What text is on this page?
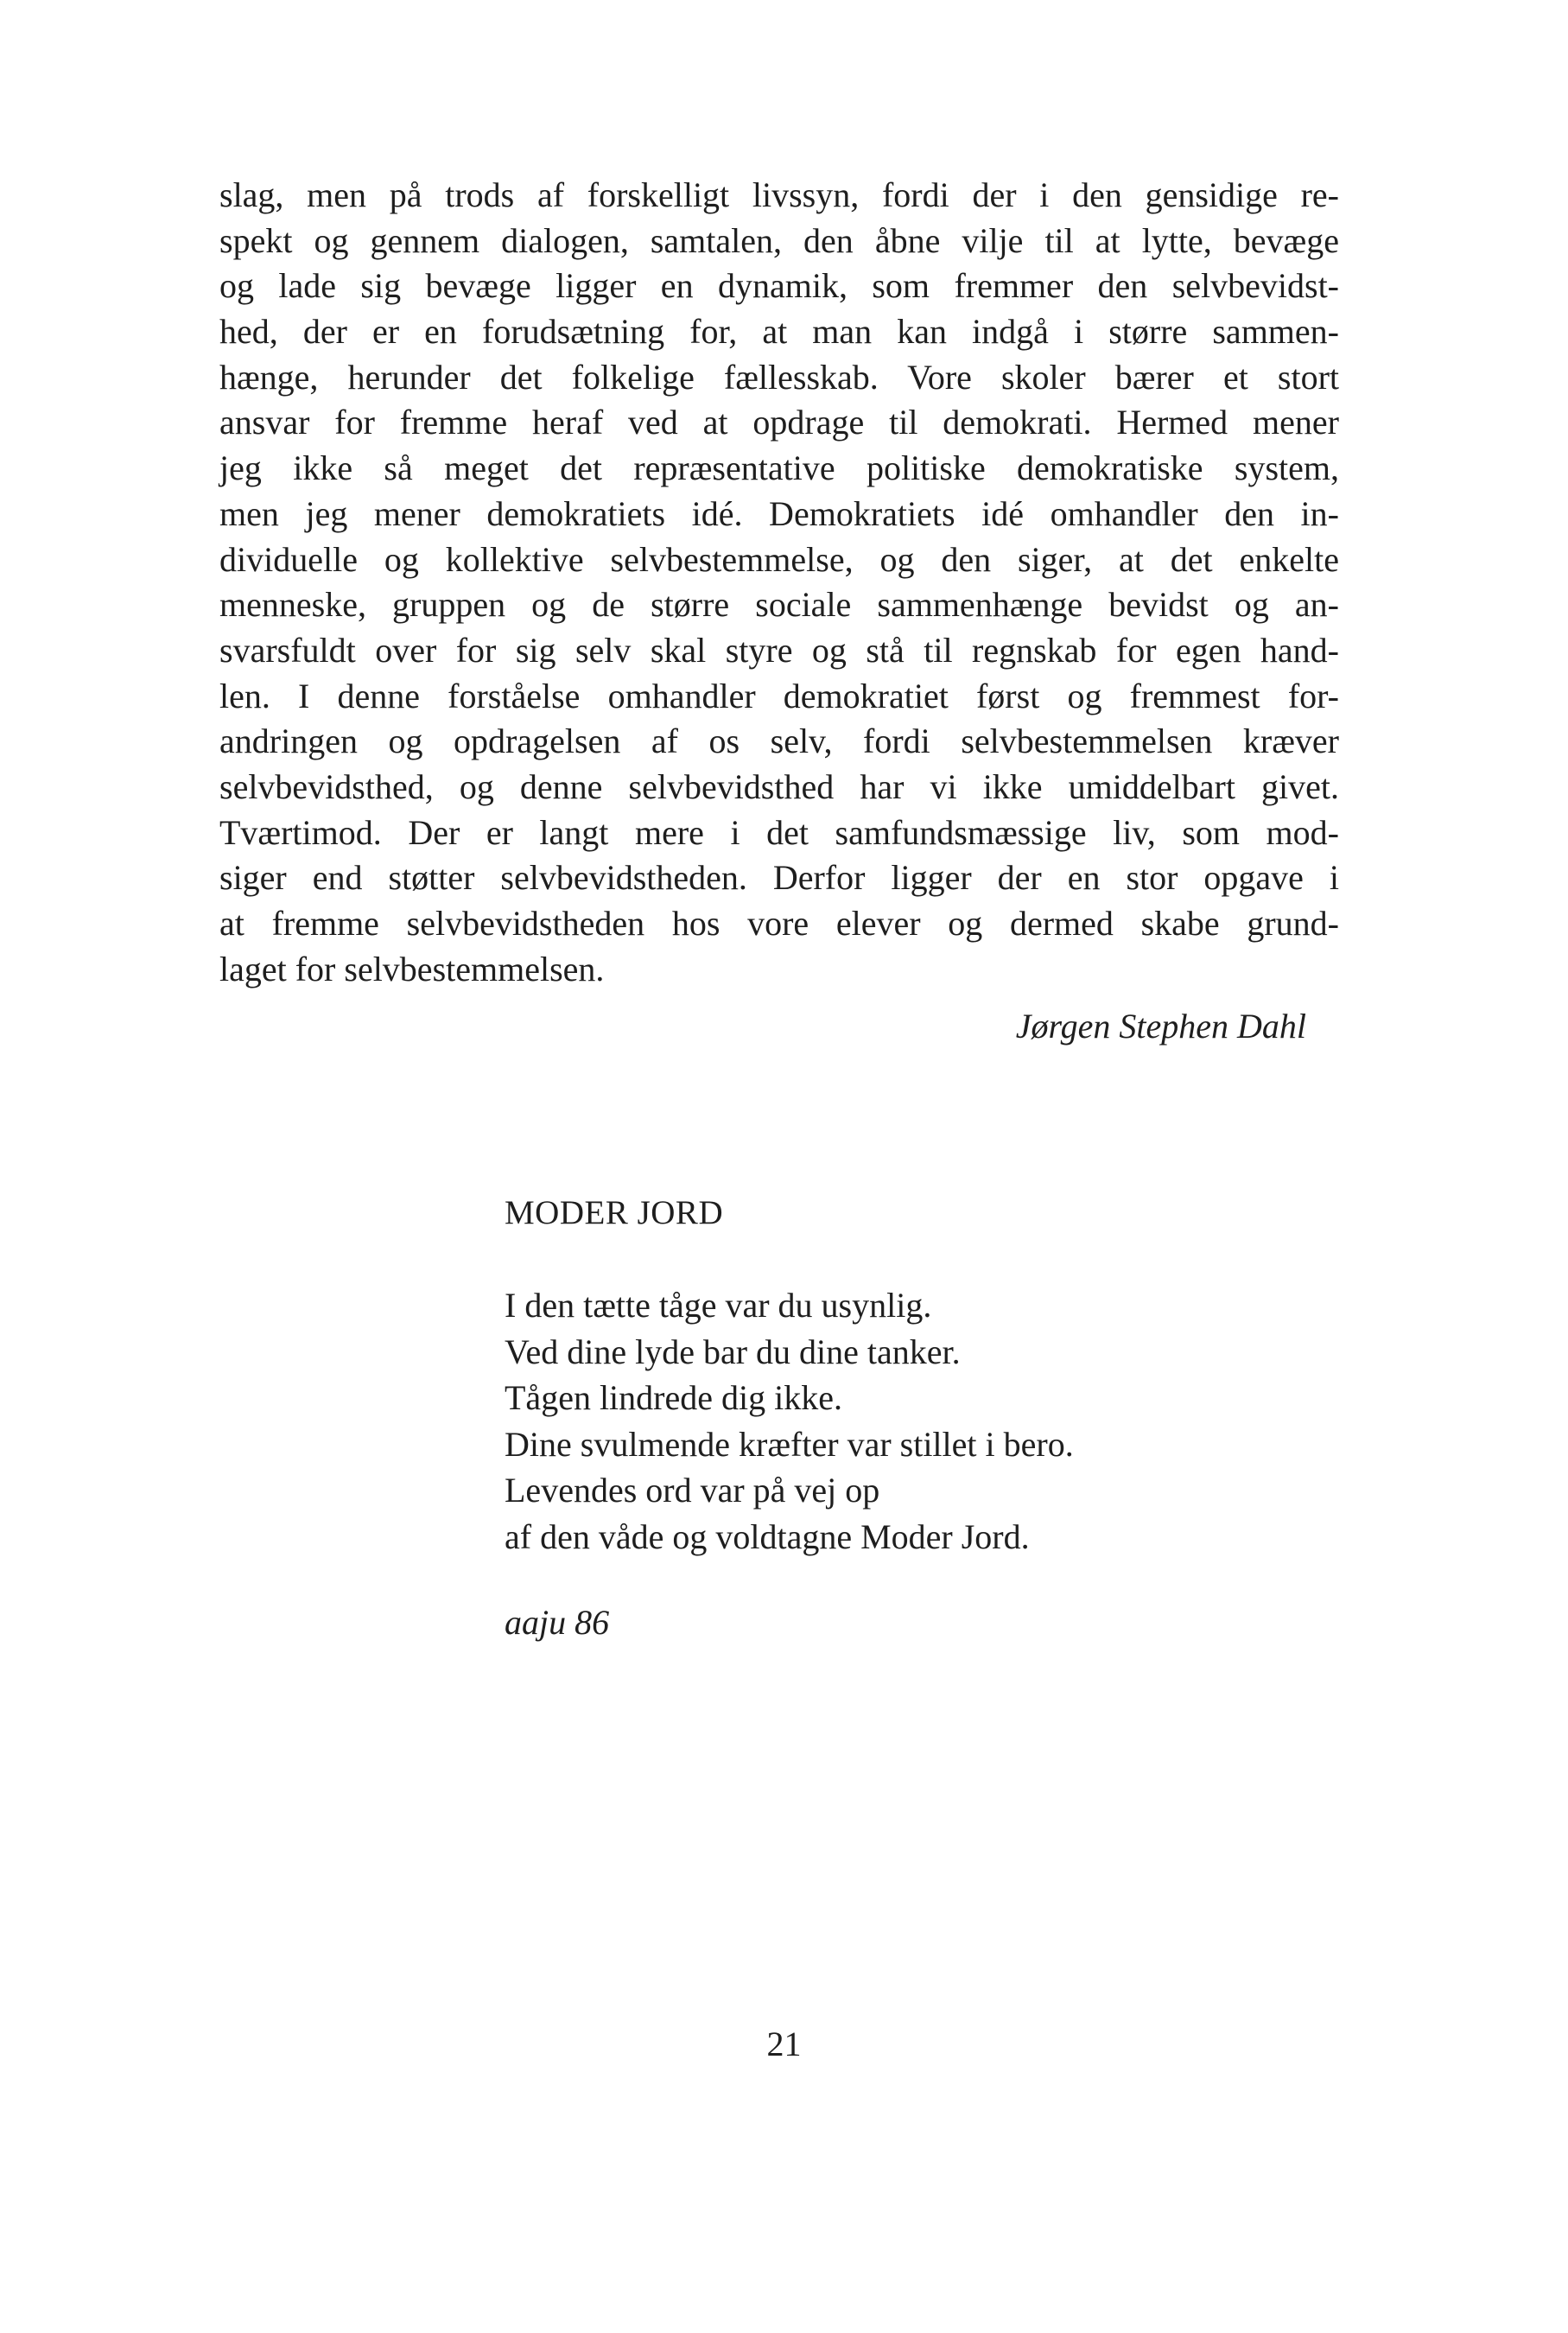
slag, men på trods af forskelligt livssyn, fordi der i den gensidige re-
spekt og gennem dialogen, samtalen, den åbne vilje til at lytte, bevæge
og lade sig bevæge ligger en dynamik, som fremmer den selvbevidst-
hed, der er en forudsætning for, at man kan indgå i større sammen-
hænge, herunder det folkelige fællesskab. Vore skoler bærer et stort
ansvar for fremme heraf ved at opdrage til demokrati. Hermed mener
jeg ikke så meget det repræsentative politiske demokratiske system,
men jeg mener demokratiets idé. Demokratiets idé omhandler den in-
dividuelle og kollektive selvbestemmelse, og den siger, at det enkelte
menneske, gruppen og de større sociale sammenhænge bevidst og an-
svarsfuldt over for sig selv skal styre og stå til regnskab for egen hand-
len. I denne forståelse omhandler demokratiet først og fremmest for-
andringen og opdragelsen af os selv, fordi selvbestemmelsen kræver
selvbevidsthed, og denne selvbevidsthed har vi ikke umiddelbart givet.
Tværtimod. Der er langt mere i det samfundsmæssige liv, som mod-
siger end støtter selvbevidstheden. Derfor ligger der en stor opgave i
at fremme selvbevidstheden hos vore elever og dermed skabe grund-
laget for selvbestemmelsen.
Jørgen Stephen Dahl
MODER JORD
I den tætte tåge var du usynlig.
Ved dine lyde bar du dine tanker.
Tågen lindrede dig ikke.
Dine svulmende kræfter var stillet i bero.
Levendes ord var på vej op
af den våde og voldtagne Moder Jord.
aaju 86
21
